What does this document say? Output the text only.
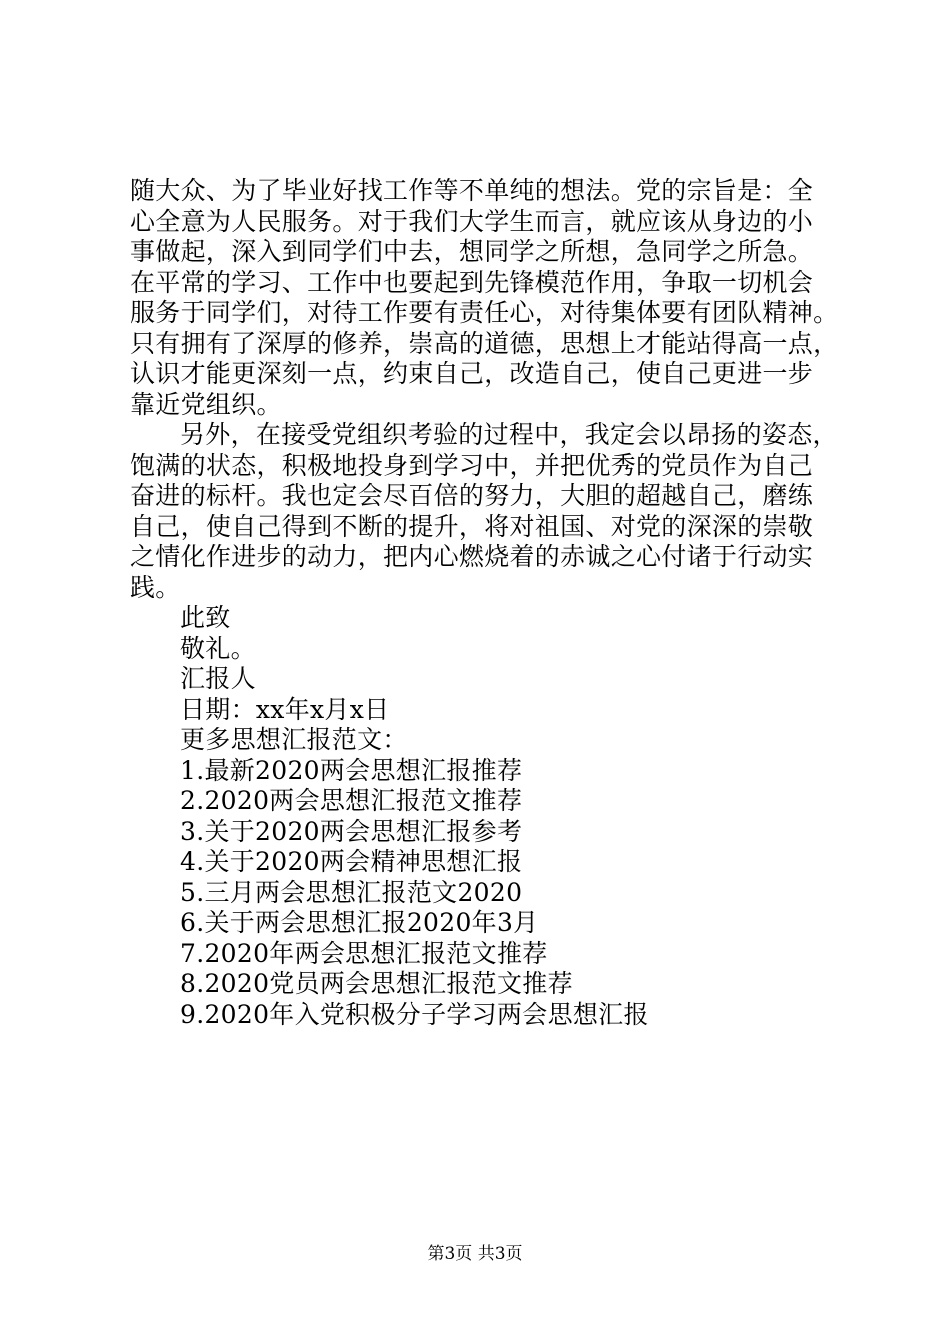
随大众、为了毕业好找工作等不单纯的想法。党的宗旨是：全
心全意为人民服务。对于我们大学生而言，就应该从身边的小
事做起，深入到同学们中去，想同学之所想，急同学之所急。
在平常的学习、工作中也要起到先锋模范作用，争取一切机会
服务于同学们，对待工作要有责任心，对待集体要有团队精神。
只有拥有了深厚的修养，崇高的道德，思想上才能站得高一点，
认识才能更深刻一点，约束自己，改造自己，使自己更进一步
靠近党组织。
另外，在接受党组织考验的过程中，我定会以昂扬的姿态，
饱满的状态，积极地投身到学习中，并把优秀的党员作为自己
奋进的标杆。我也定会尽百倍的努力，大胆的超越自己，磨练
自己，使自己得到不断的提升，将对祖国、对党的深深的崇敬
之情化作进步的动力，把内心燃烧着的赤诚之心付诸于行动实
践。
此致
敬礼。
汇报人
日期：xx年x月x日
更多思想汇报范文：
1.最新2020两会思想汇报推荐
2.2020两会思想汇报范文推荐
3.关于2020两会思想汇报参考
4.关于2020两会精神思想汇报
5.三月两会思想汇报范文2020
6.关于两会思想汇报2020年3月
7.2020年两会思想汇报范文推荐
8.2020党员两会思想汇报范文推荐
9.2020年入党积极分子学习两会思想汇报
第3页 共3页
